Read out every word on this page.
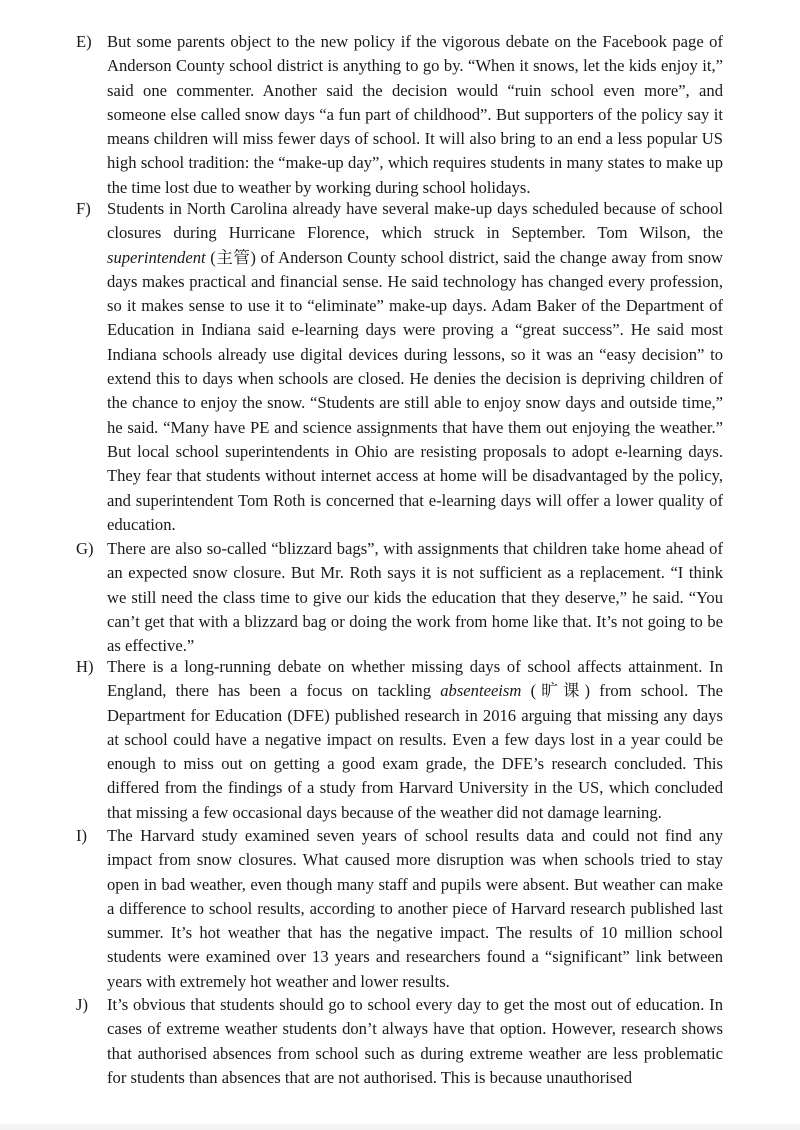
E) But some parents object to the new policy if the vigorous debate on the Facebook page of Anderson County school district is anything to go by. “When it snows, let the kids enjoy it,” said one commenter. Another said the decision would “ruin school even more”, and someone else called snow days “a fun part of childhood”. But supporters of the policy say it means children will miss fewer days of school. It will also bring to an end a less popular US high school tradition: the “make-up day”, which requires students in many states to make up the time lost due to weather by working during school holidays.
F) Students in North Carolina already have several make-up days scheduled because of school closures during Hurricane Florence, which struck in September. Tom Wilson, the superintendent (主管) of Anderson County school district, said the change away from snow days makes practical and financial sense. He said technology has changed every profession, so it makes sense to use it to “eliminate” make-up days. Adam Baker of the Department of Education in Indiana said e-learning days were proving a “great success”. He said most Indiana schools already use digital devices during lessons, so it was an “easy decision” to extend this to days when schools are closed. He denies the decision is depriving children of the chance to enjoy the snow. “Students are still able to enjoy snow days and outside time,” he said. “Many have PE and science assignments that have them out enjoying the weather.” But local school superintendents in Ohio are resisting proposals to adopt e-learning days. They fear that students without internet access at home will be disadvantaged by the policy, and superintendent Tom Roth is concerned that e-learning days will offer a lower quality of education.
G) There are also so-called “blizzard bags”, with assignments that children take home ahead of an expected snow closure. But Mr. Roth says it is not sufficient as a replacement. “I think we still need the class time to give our kids the education that they deserve,” he said. “You can’t get that with a blizzard bag or doing the work from home like that. It’s not going to be as effective.”
H) There is a long-running debate on whether missing days of school affects attainment. In England, there has been a focus on tackling absenteeism (旷课) from school. The Department for Education (DFE) published research in 2016 arguing that missing any days at school could have a negative impact on results. Even a few days lost in a year could be enough to miss out on getting a good exam grade, the DFE’s research concluded. This differed from the findings of a study from Harvard University in the US, which concluded that missing a few occasional days because of the weather did not damage learning.
I) The Harvard study examined seven years of school results data and could not find any impact from snow closures. What caused more disruption was when schools tried to stay open in bad weather, even though many staff and pupils were absent. But weather can make a difference to school results, according to another piece of Harvard research published last summer. It’s hot weather that has the negative impact. The results of 10 million school students were examined over 13 years and researchers found a “significant” link between years with extremely hot weather and lower results.
J) It’s obvious that students should go to school every day to get the most out of education. In cases of extreme weather students don’t always have that option. However, research shows that authorised absences from school such as during extreme weather are less problematic for students than absences that are not authorised. This is because unauthorised
